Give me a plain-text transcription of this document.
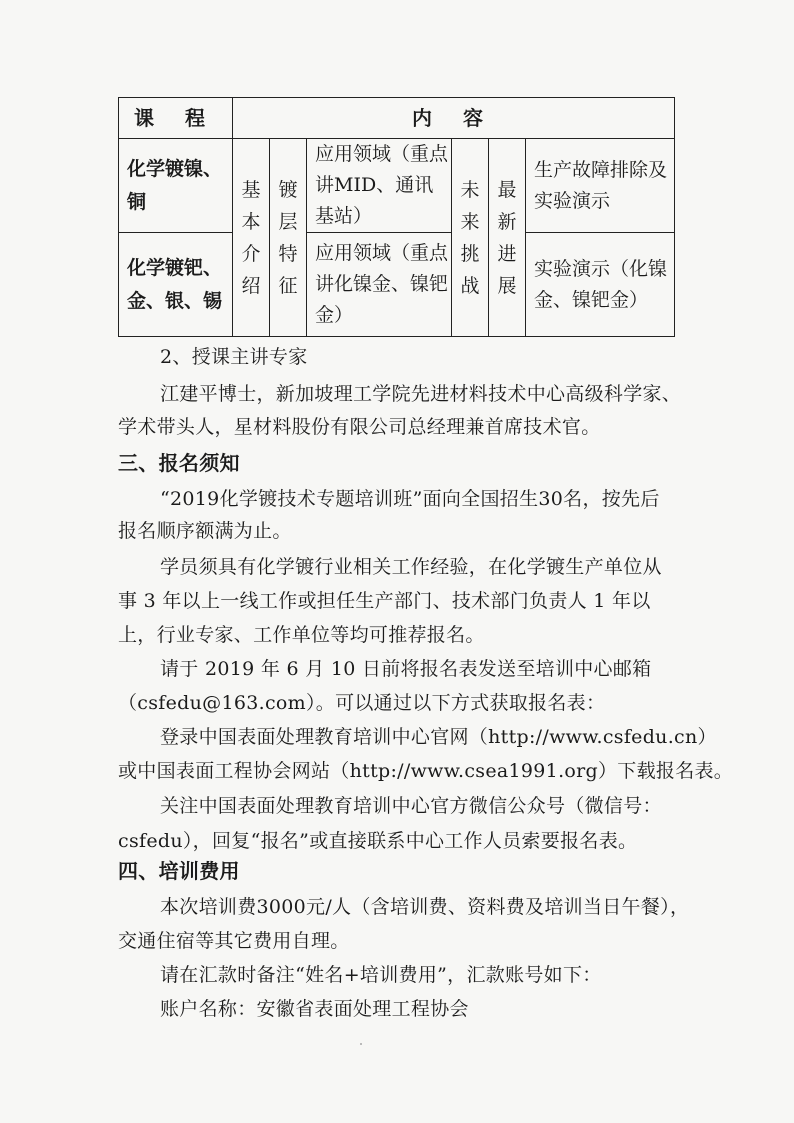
课 程	内 容					
化学镀镍、铜	基本介绍	镀层特征	应用领域（重点讲MID、通讯基站）	未来挑战	最新进展	生产故障排除及实验演示
化学镀钯、金、银、锡			应用领域（重点讲化镍金、镍钯金）			实验演示（化镍金、镍钯金）
2、授课主讲专家
江建平博士，新加坡理工学院先进材料技术中心高级科学家、
学术带头人，星材料股份有限公司总经理兼首席技术官。
三、报名须知
“2019化学镀技术专题培训班”面向全国招生30名，按先后
报名顺序额满为止。
学员须具有化学镀行业相关工作经验，在化学镀生产单位从
事 3 年以上一线工作或担任生产部门、技术部门负责人 1 年以
上，行业专家、工作单位等均可推荐报名。
请于 2019 年 6 月 10 日前将报名表发送至培训中心邮箱
（csfedu@163.com）。可以通过以下方式获取报名表：
登录中国表面处理教育培训中心官网（http://www.csfedu.cn）
或中国表面工程协会网站（http://www.csea1991.org）下载报名表。
关注中国表面处理教育培训中心官方微信公众号（微信号：
csfedu），回复“报名”或直接联系中心工作人员索要报名表。
四、培训费用
本次培训费3000元/人（含培训费、资料费及培训当日午餐），
交通住宿等其它费用自理。
请在汇款时备注“姓名+培训费用”，汇款账号如下：
账户名称：安徽省表面处理工程协会
